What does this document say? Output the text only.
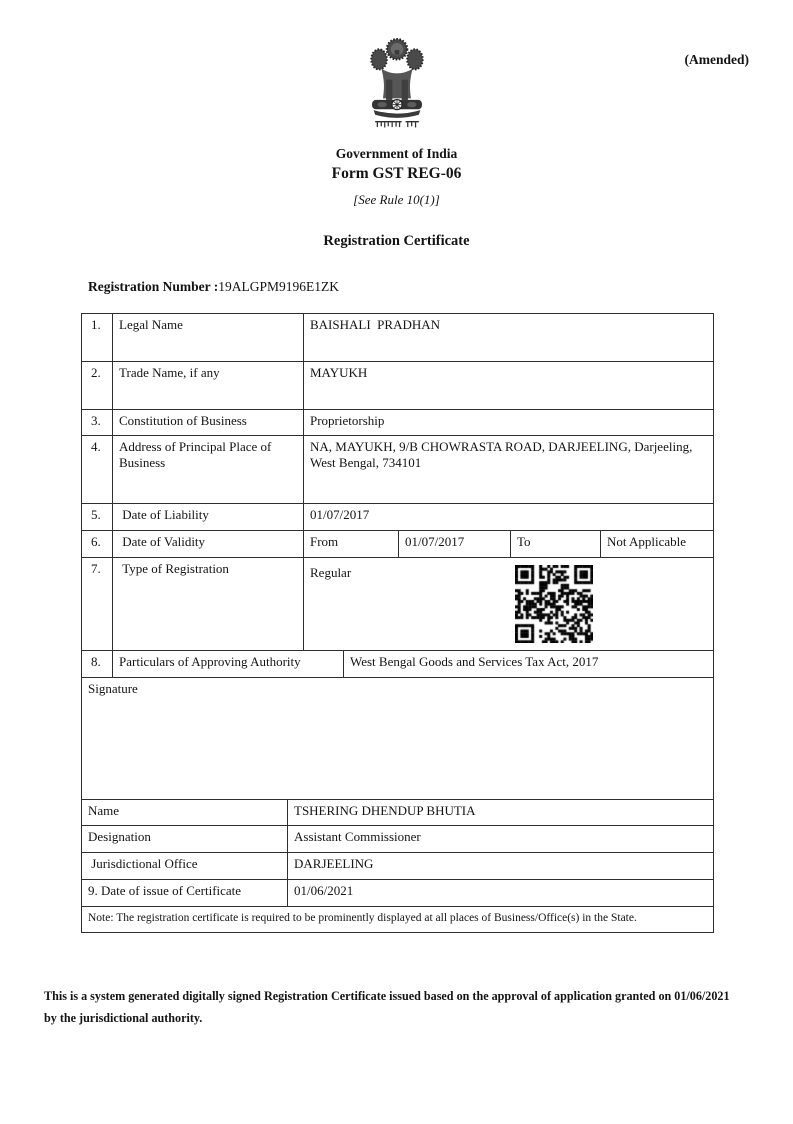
(Amended)
Government of India
Form GST REG-06
[See Rule 10(1)]
Registration Certificate
Registration Number :19ALGPM9196E1ZK
1.	Legal Name	BAISHALI  PRADHAN
2.	Trade Name, if any	MAYUKH
3.	Constitution of Business	Proprietorship
4.	Address of Principal Place of Business
NA, MAYUKH, 9/B CHOWRASTA ROAD, DARJEELING, Darjeeling, West Bengal, 734101
5.	Date of Liability	01/07/2017
6.	Date of Validity	From	01/07/2017	To	Not Applicable
7.	Type of Registration	Regular

8.	Particulars of Approving Authority	West Bengal Goods and Services Tax Act, 2017
Signature
Name	TSHERING DHENDUP BHUTIA
Designation	Assistant Commissioner
Jurisdictional Office	DARJEELING
9. Date of issue of Certificate	01/06/2021
Note: The registration certificate is required to be prominently displayed at all places of Business/Office(s) in the State.
This is a system generated digitally signed Registration Certificate issued based on the approval of application granted on 01/06/2021 by the jurisdictional authority.
